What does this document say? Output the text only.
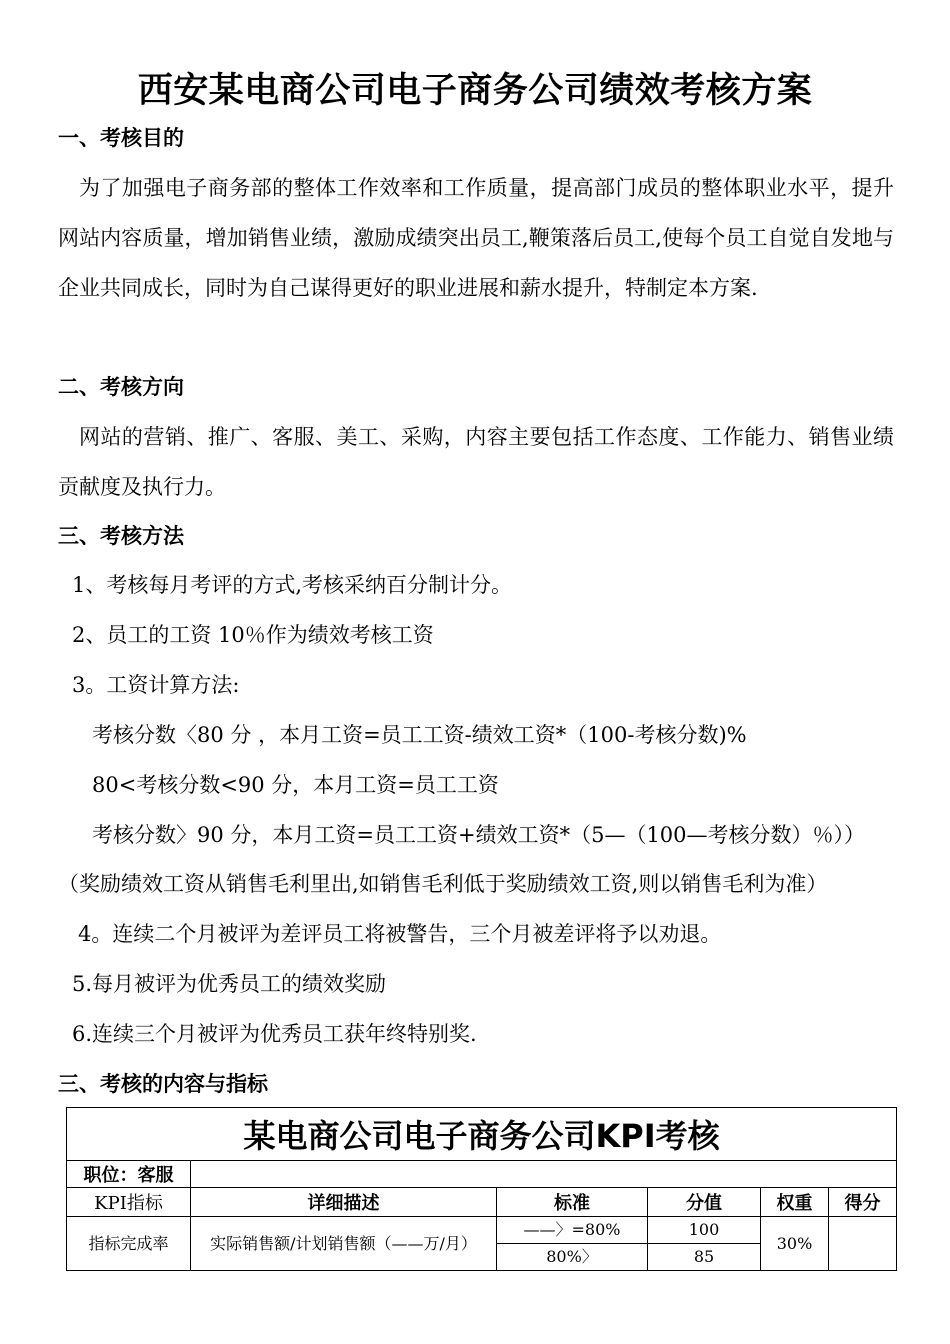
西安某电商公司电子商务公司绩效考核方案
一、考核目的

为了加强电子商务部的整体工作效率和工作质量，提高部门成员的整体职业水平，提升网站内容质量，增加销售业绩，激励成绩突出员工,鞭策落后员工,使每个员工自觉自发地与企业共同成长，同时为自己谋得更好的职业进展和薪水提升，特制定本方案.

二、考核方向

网站的营销、推广、客服、美工、采购，内容主要包括工作态度、工作能力、销售业绩贡献度及执行力。

三、考核方法
1、考核每月考评的方式,考核采纳百分制计分。
2、员工的工资 10％作为绩效考核工资
3。工资计算方法:
考核分数〈80 分 ，本月工资=员工工资-绩效工资*（100-考核分数)%
80<考核分数<90 分，本月工资=员工工资
考核分数〉90 分，本月工资=员工工资+绩效工资*（5—（100—考核分数）％））
（奖励绩效工资从销售毛利里出,如销售毛利低于奖励绩效工资,则以销售毛利为准）
4。连续二个月被评为差评员工将被警告，三个月被差评将予以劝退。
5.每月被评为优秀员工的绩效奖励
6.连续三个月被评为优秀员工获年终特别奖.
三、考核的内容与指标
某电商公司电子商务公司KPI考核					
职位：客服					
KPI指标	详细描述	标准	分值	权重	得分
指标完成率	实际销售额/计划销售额（——万/月）	——〉=80%	100	30%	
		80%〉	85		
